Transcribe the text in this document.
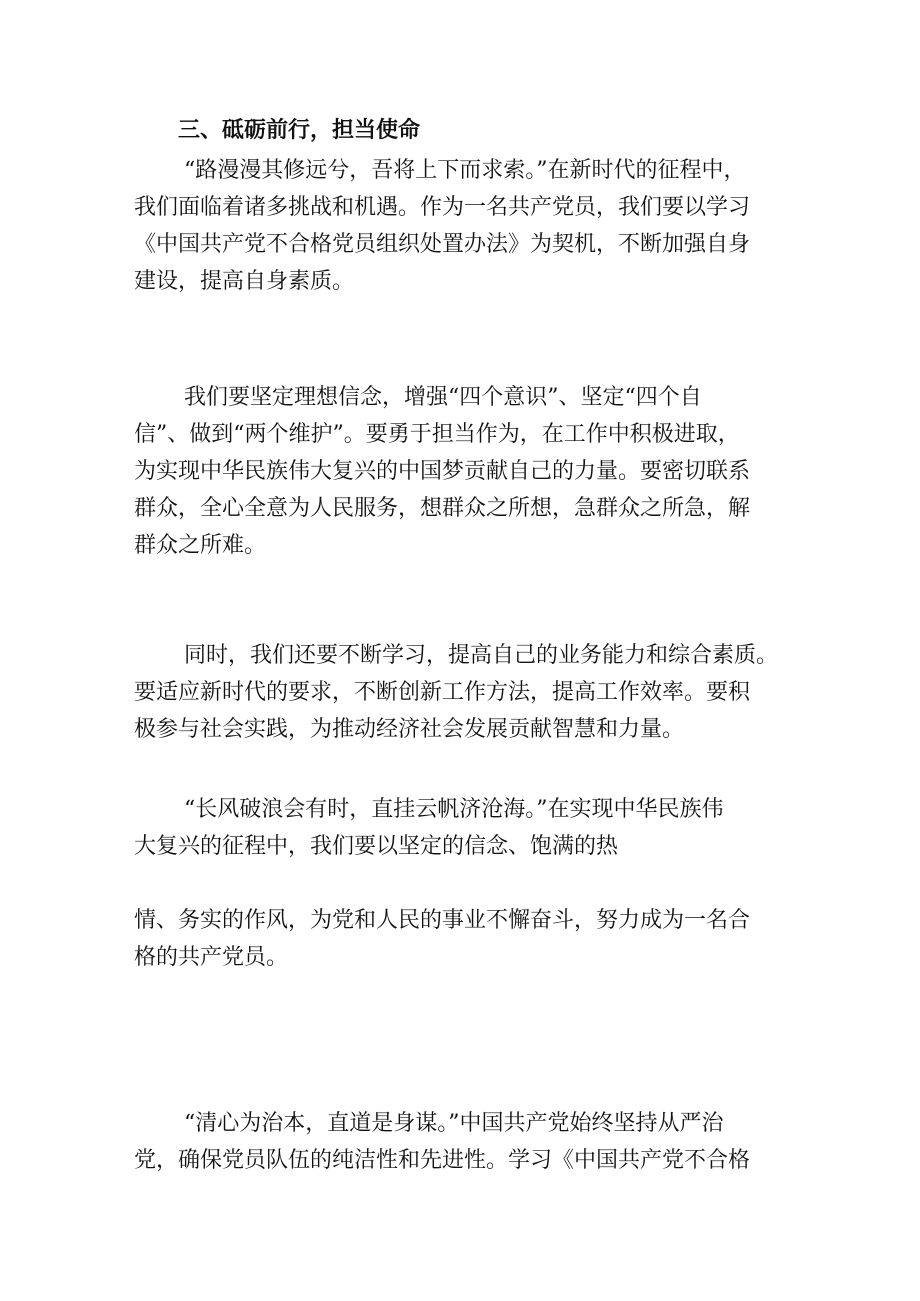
三、砥砺前行，担当使命
“路漫漫其修远兮，吾将上下而求索。”在新时代的征程中，
我们面临着诸多挑战和机遇。作为一名共产党员，我们要以学习
《中国共产党不合格党员组织处置办法》为契机，不断加强自身
建设，提高自身素质。
我们要坚定理想信念，增强“四个意识”、坚定“四个自
信”、做到“两个维护”。要勇于担当作为，在工作中积极进取，
为实现中华民族伟大复兴的中国梦贡献自己的力量。要密切联系
群众，全心全意为人民服务，想群众之所想，急群众之所急，解
群众之所难。
同时，我们还要不断学习，提高自己的业务能力和综合素质。
要适应新时代的要求，不断创新工作方法，提高工作效率。要积
极参与社会实践，为推动经济社会发展贡献智慧和力量。
“长风破浪会有时，直挂云帆济沧海。”在实现中华民族伟
大复兴的征程中，我们要以坚定的信念、饱满的热
情、务实的作风，为党和人民的事业不懈奋斗，努力成为一名合
格的共产党员。
“清心为治本，直道是身谋。”中国共产党始终坚持从严治
党，确保党员队伍的纯洁性和先进性。学习《中国共产党不合格
